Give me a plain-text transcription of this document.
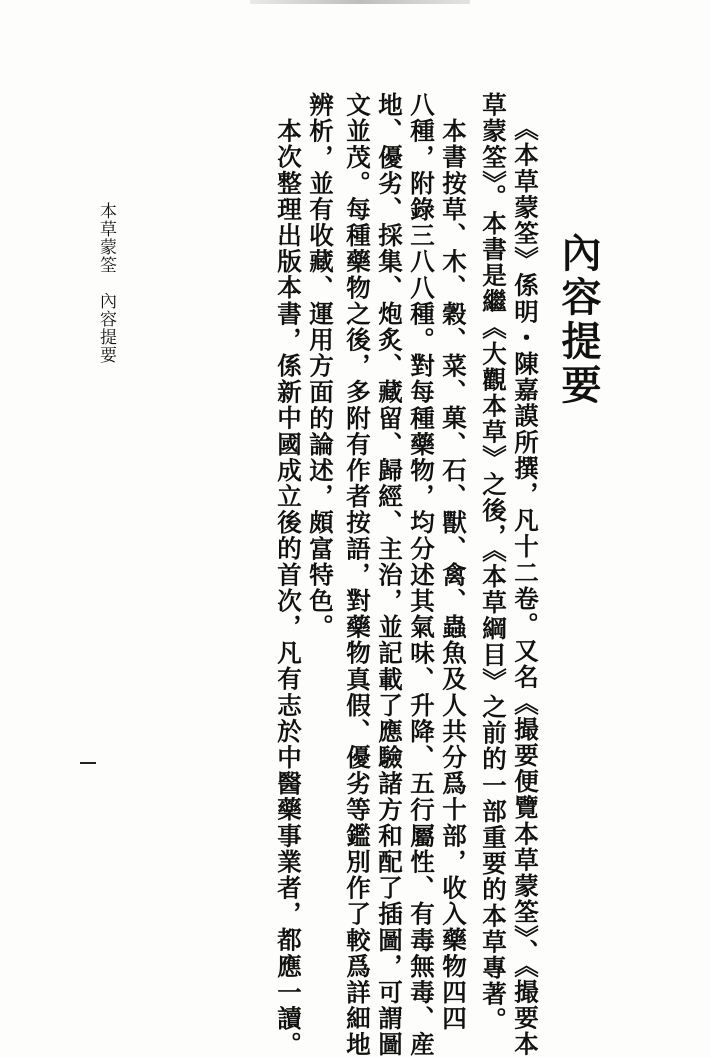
內容提要
《本草蒙筌》係明・陳嘉謨所撰，凡十二卷。又名《撮要便覽本草蒙筌》、《撮要本
草蒙筌》。本書是繼《大觀本草》之後，《本草綱目》之前的一部重要的本草專著。
本書按草、木、穀、菜、菓、石、獸、禽、蟲魚及人共分爲十部，收入藥物四四
八種，附錄三八八種。對每種藥物，均分述其氣味、升降、五行屬性、有毒無毒、産
地、優劣、採集、炮炙、藏留、歸經、主治，並記載了應驗諸方和配了插圖，可謂圖
文並茂。每種藥物之後，多附有作者按語，對藥物真假、優劣等鑑別作了較爲詳細地
辨析，並有收藏、運用方面的論述，頗富特色。
本次整理出版本書，係新中國成立後的首次，凡有志於中醫藥事業者，都應一讀。
本草蒙筌　內容提要
